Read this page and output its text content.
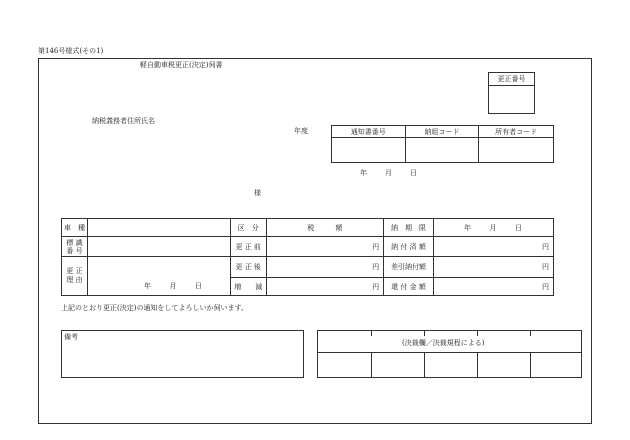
第146号様式(その1)
軽自動車税更正(決定)伺書
更正番号
納税義務者住所氏名
年度	通知書番号	納組コード	所有者コード

年	月	日
様
車　種		区　分	税　　　額	納　期　限	年 月 日
標 識
番 号		更 正 前	円	納 付 済 額	円
更 正
理 由	年 月 日	更 正 後	円	差引納付額	円
		増　　減	円	還 付 金 額	円
上記のとおり更正(決定)の通知をしてよろしいか伺います。
備考
(決裁欄／決裁規程による)
